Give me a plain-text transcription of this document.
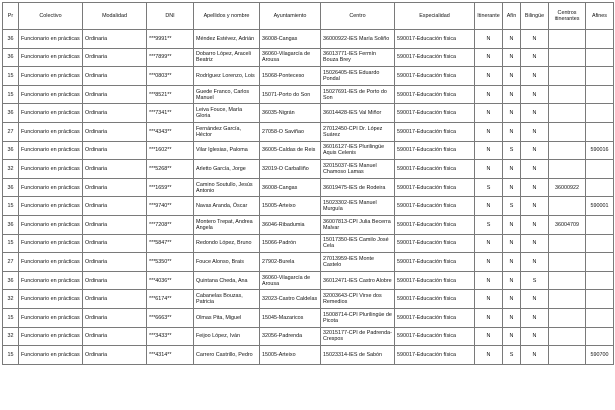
Pr	Colectivo	Modalidad	DNI	Apellidos y nombre	Ayuntamiento	Centro	Especialidad	Itinerante	Afín	Bilingüe	Centros itinerantes	Afines
36	Funcionario en prácticas	Ordinaria	***9991**	Méndez Estévez, Adrián	36008-Cangas	36000922-IES María Soliño	590017-Educación física	N	N	N		
36	Funcionario en prácticas	Ordinaria	***7899**	Dobarro López, Araceli Beatriz	36060-Vilagarcía de Arousa	36013771-IES Fermín Bouza Brey	590017-Educación física	N	N	N		
15	Funcionario en prácticas	Ordinaria	***0803**	Rodríguez Lorenzo, Lois	15068-Ponteceso	15026405-IES Eduardo Pondal	590017-Educación física	N	N	N		
15	Funcionario en prácticas	Ordinaria	***8521**	Guede Franco, Carlos Manuel	15071-Porto do Son	15027691-IES de Porto do Son	590017-Educación física	N	N	N		
36	Funcionario en prácticas	Ordinaria	***7341**	Leiva Fouce, María Gloria	36035-Nigrán	36014428-IES Val Miñor	590017-Educación física	N	N	N		
27	Funcionario en prácticas	Ordinaria	***4343**	Fernández García, Héctor	27058-O Saviñao	27012450-CPI Dr. López Suárez	590017-Educación física	N	N	N		
36	Funcionario en prácticas	Ordinaria	***1602**	Vilar Iglesias, Paloma	36005-Caldas de Reis	36016127-IES Plurilingüe Aquis Celenis	590017-Educación física	N	S	N		590016
32	Funcionario en prácticas	Ordinaria	***5268**	Arletto García, Jorge	32019-O Carballiño	32015037-IES Manuel Chamoso Lamas	590017-Educación física	N	N	N		
36	Funcionario en prácticas	Ordinaria	***1659**	Camino Soutullo, Jesús Antonio	36008-Cangas	36019475-IES de Rodeira	590017-Educación física	S	N	N	36000922	
15	Funcionario en prácticas	Ordinaria	***9740**	Navas Aranda, Óscar	15005-Arteixo	15023302-IES Manuel Murguía	590017-Educación física	N	S	N		590001
36	Funcionario en prácticas	Ordinaria	***7208**	Montero Trepat, Andrea Angela	36046-Ribadumia	36007813-CPI Julia Becerra Malvar	590017-Educación física	S	N	N	36004709	
15	Funcionario en prácticas	Ordinaria	***5847**	Redondo López, Bruno	15066-Padrón	15017350-IES Camilo José Cela	590017-Educación física	N	N	N		
27	Funcionario en prácticas	Ordinaria	***5350**	Fouce Alonso, Brais	27902-Burela	27013959-IES Monte Castelo	590017-Educación física	N	N	N		
36	Funcionario en prácticas	Ordinaria	***4036**	Quintana Cheda, Ana	36060-Vilagarcía de Arousa	36012471-IES Castro Alobre	590017-Educación física	N	N	S		
32	Funcionario en prácticas	Ordinaria	***6174**	Cabanelas Bouzas, Patricia	32023-Castro Caldelas	32003643-CPI Virxe dos Remedios	590017-Educación física	N	N	N		
15	Funcionario en prácticas	Ordinaria	***6663**	Olmas Pita, Miguel	15045-Mazaricos	15008714-CPI Plurilingüe de Picota	590017-Educación física	N	N	N		
32	Funcionario en prácticas	Ordinaria	***3433**	Feijoo López, Iván	32056-Padrenda	32015177-CPI de Padrenda-Crespos	590017-Educación física	N	N	N		
15	Funcionario en prácticas	Ordinaria	***4314**	Carrero Castrillo, Pedro	15005-Arteixo	15023314-IES de Sabón	590017-Educación física	N	S	N		590700
